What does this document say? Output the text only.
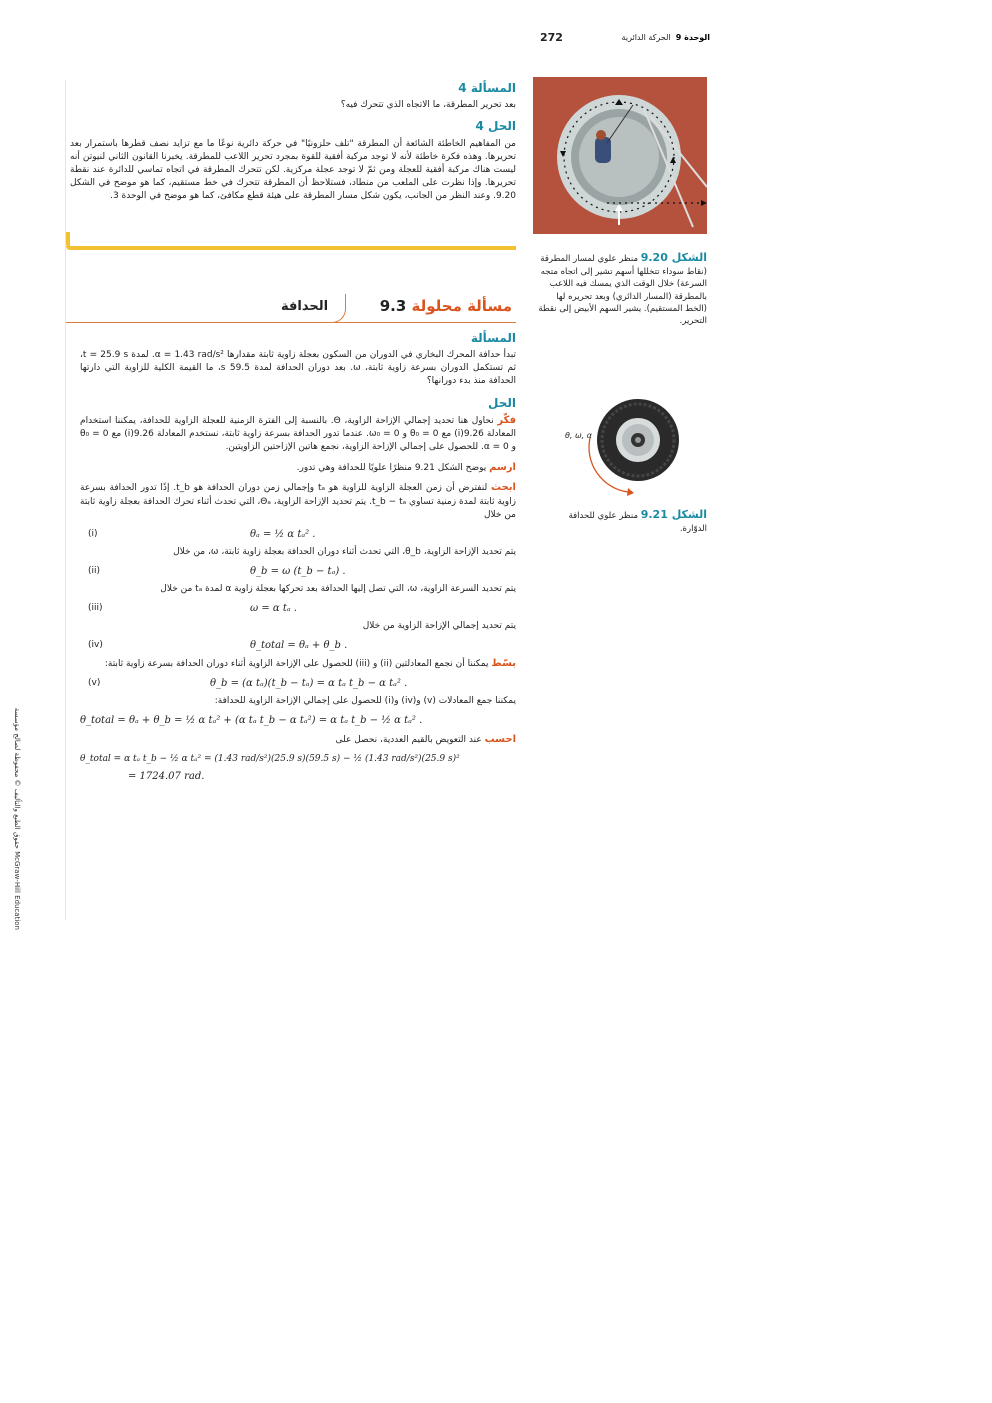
272	الوحدة 9  الحركة الدائرية
McGraw-Hill Education حقوق الطبع والتأليف © محفوظة لصالح مؤسسة
المسألة 4

بعد تحرير المطرقة، ما الاتجاه الذي تتحرك فيه؟

الحل 4

من المفاهيم الخاطئة الشائعة أن المطرقة "تلف حلزونيًا" في حركة دائرية نوعًا ما مع تزايد نصف قطرها باستمرار بعد تحريرها. وهذه فكرة خاطئة لأنه لا توجد مركبة أفقية للقوة بمجرد تحرير اللاعب للمطرقة. يخبرنا القانون الثاني لنيوتن أنه ليست هناك مركبة أفقية للعجلة ومن ثمّ لا توجد عجلة مركزية. لكن تتحرك المطرقة في اتجاه تماسي للدائرة عند نقطة تحريرها. وإذا نظرت على الملعب من منطاد، فستلاحظ أن المطرقة تتحرك في خط مستقيم، كما هو موضح في الشكل 9.20. وعند النظر من الجانب، يكون شكل مسار المطرقة على هيئة قطع مكافئ، كما هو موضح في الوحدة 3.

الشكل 9.20 منظر علوي لمسار المطرقة (نقاط سوداء تتخللها أسهم تشير إلى اتجاه متجه السرعة) خلال الوقت الذي يمسك فيه اللاعب بالمطرقة (المسار الدائري) وبعد تحريره لها (الخط المستقيم). يشير السهم الأبيض إلى نقطة التحرير.
مسألة محلولة 9.3
الحدافة
المسألة

تبدأ حدافة المحرك البخاري في الدوران من السكون بعجلة زاوية ثابتة مقدارها α = 1.43 rad/s². لمدة t = 25.9 s، ثم تستكمل الدوران بسرعة زاوية ثابتة، ω. بعد دوران الحدافة لمدة 59.5 s، ما القيمة الكلية للزاوية التي دارتها الحدافة منذ بدء دورانها؟

الحل

فكّر نحاول هنا تحديد إجمالي الإزاحة الزاوية، Θ. بالنسبة إلى الفترة الزمنية للعجلة الزاوية للحدافة، يمكننا استخدام المعادلة 9.26(i) مع θ₀ = 0 و ω₀ = 0. عندما تدور الحدافة بسرعة زاوية ثابتة، نستخدم المعادلة 9.26(i) مع θ₀ = 0 و α = 0. للحصول على إجمالي الإزاحة الزاوية، نجمع هاتين الإزاحتين الزاويتين.

ارسم يوضح الشكل 9.21 منظرًا علويًا للحدافة وهي تدور.

ابحث لنفترض أن زمن العجلة الزاوية للزاوية هو tₐ وإجمالي زمن دوران الحدافة هو t_b. إذًا تدور الحدافة بسرعة زاوية ثابتة لمدة زمنية تساوي t_b − tₐ. يتم تحديد الإزاحة الزاوية، Θₐ، التي تحدث أثناء تحرك الحدافة بعجلة زاوية ثابتة من خلال

(i)	θₐ = ½ α tₐ² .

يتم تحديد الإزاحة الزاوية، θ_b، التي تحدث أثناء دوران الحدافة بعجلة زاوية ثابتة، ω، من خلال

(ii)	θ_b = ω (t_b − tₐ) .

يتم تحديد السرعة الزاوية، ω، التي تصل إليها الحدافة بعد تحركها بعجلة زاوية α لمدة tₐ من خلال

(iii)	ω = α tₐ .

يتم تحديد إجمالي الإزاحة الزاوية من خلال

(iv)	θ_total = θₐ + θ_b .

بسّط يمكننا أن نجمع المعادلتين (ii) و (iii) للحصول على الإزاحة الزاوية أثناء دوران الحدافة بسرعة زاوية ثابتة:

(v)	θ_b = (α tₐ)(t_b − tₐ) = α tₐ t_b − α tₐ² .

يمكننا جمع المعادلات (v) و(iv) و(i) للحصول على إجمالي الإزاحة الزاوية للحدافة:

θ_total = θₐ + θ_b = ½ α tₐ² + (α tₐ t_b − α tₐ²) = α tₐ t_b − ½ α tₐ² .

احسب عند التعويض بالقيم العددية، نحصل على

θ_total = α tₐ t_b − ½ α tₐ² = (1.43 rad/s²)(25.9 s)(59.5 s) − ½ (1.43 rad/s²)(25.9 s)²
= 1724.07 rad.
θ, ω, α
الشكل 9.21 منظر علوي للحدافة الدوّارة.
